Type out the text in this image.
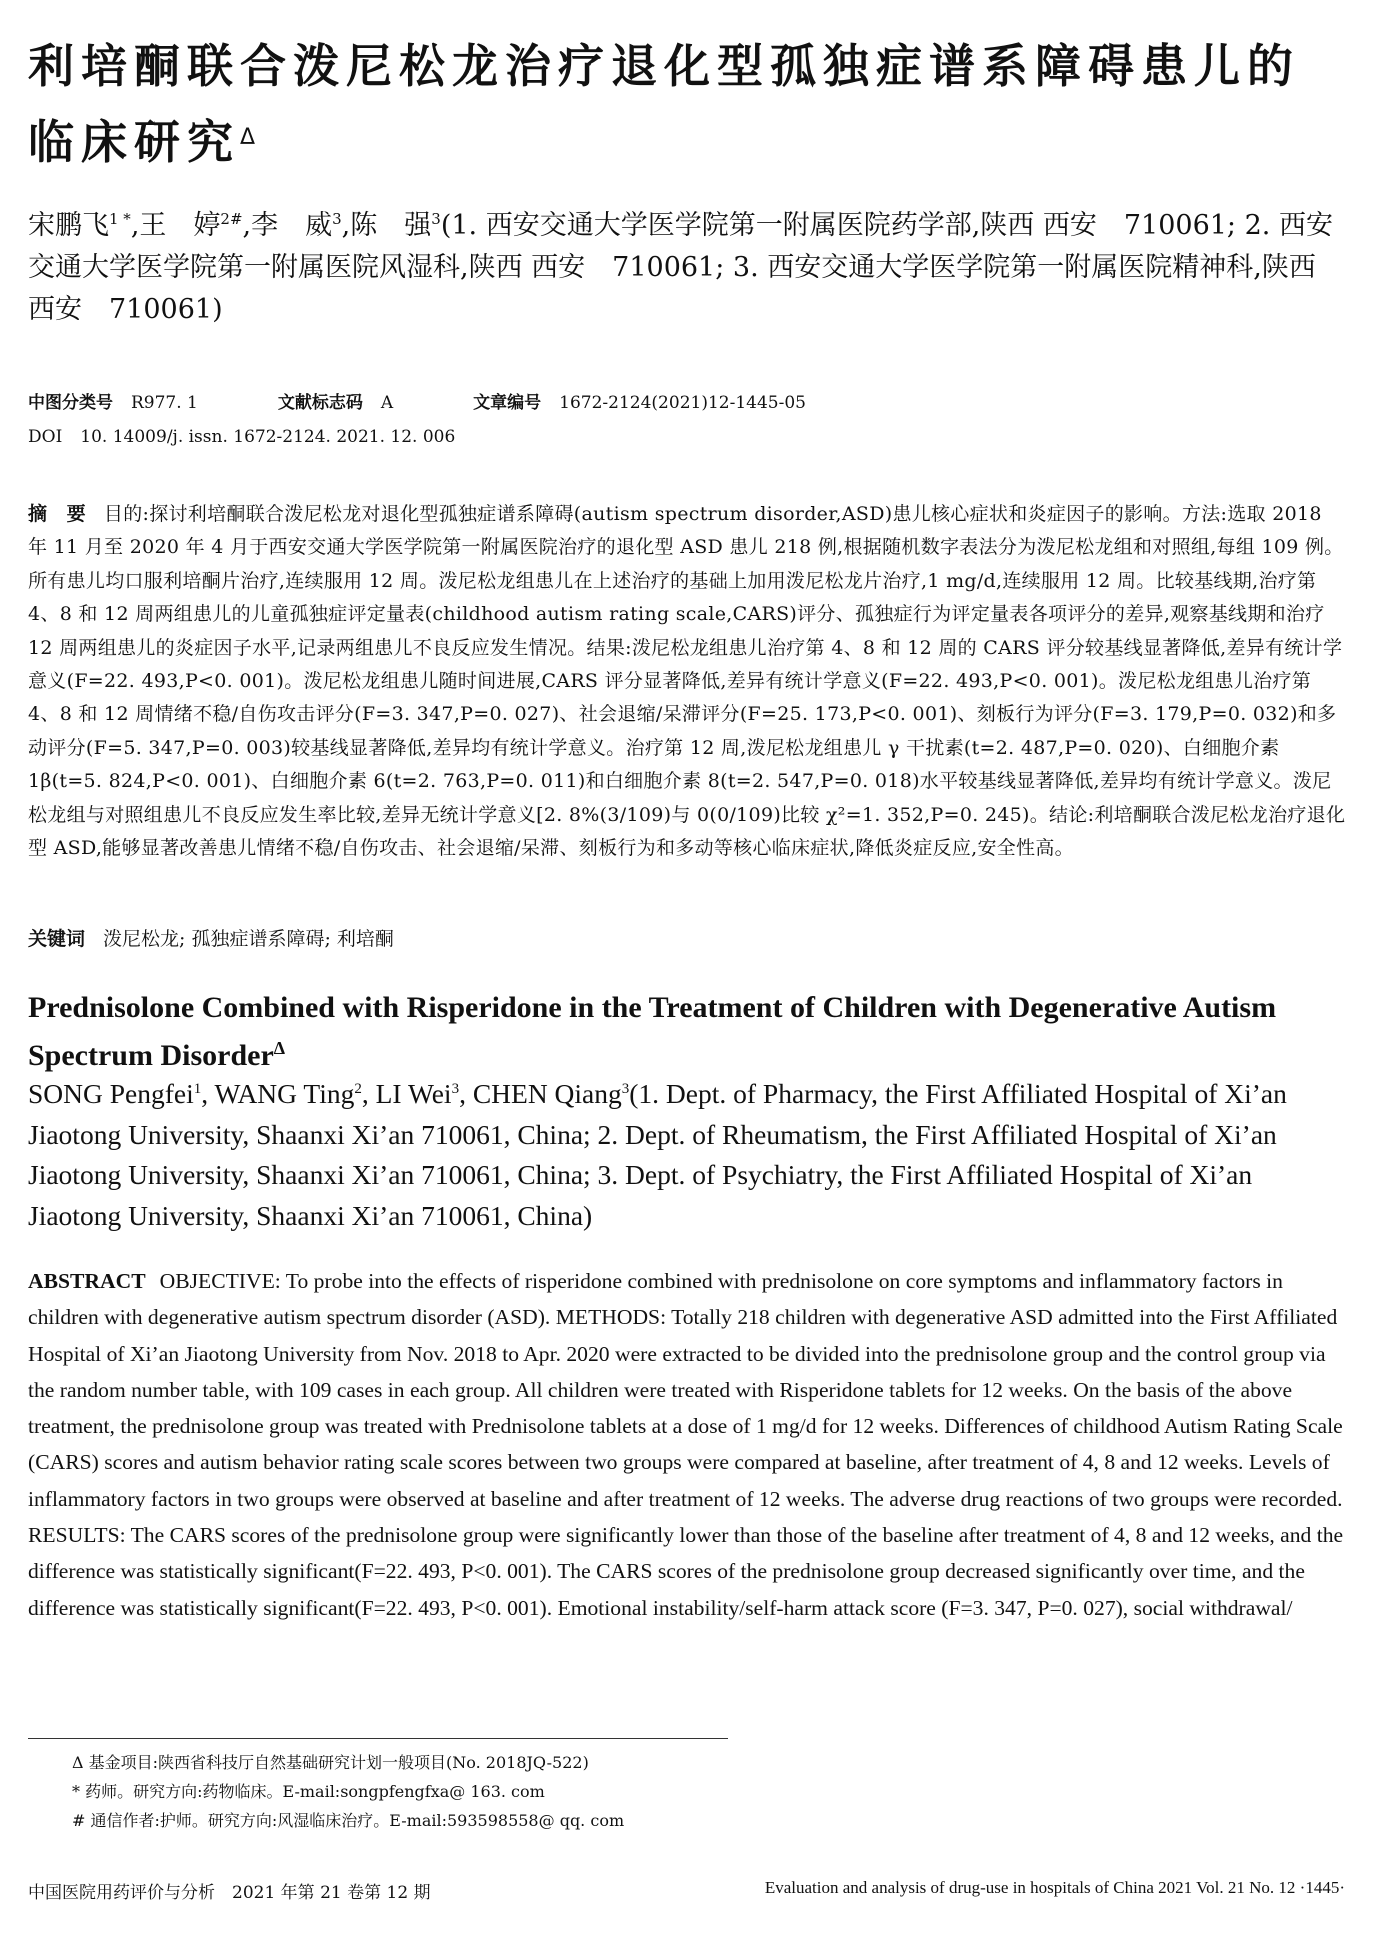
利培酮联合泼尼松龙治疗退化型孤独症谱系障碍患儿的临床研究$^\Delta$

宋鹏飞$^{1 *}$,王　婷$^{2\#}$,李　威$^3$,陈　强$^3$(1. 西安交通大学医学院第一附属医院药学部,陕西 西安　710061; 2. 西安交通大学医学院第一附属医院风湿科,陕西 西安　710061; 3. 西安交通大学医学院第一附属医院精神科,陕西 西安　710061)

中图分类号 R977. 1	文献标志码 A	文章编号 1672-2124(2021)12-1445-05
DOI 10. 14009/j. issn. 1672-2124. 2021. 12. 006

摘　要 目的:探讨利培酮联合泼尼松龙对退化型孤独症谱系障碍(autism spectrum disorder,ASD)患儿核心症状和炎症因子的影响。方法:选取 2018 年 11 月至 2020 年 4 月于西安交通大学医学院第一附属医院治疗的退化型 ASD 患儿 218 例,根据随机数字表法分为泼尼松龙组和对照组,每组 109 例。所有患儿均口服利培酮片治疗,连续服用 12 周。泼尼松龙组患儿在上述治疗的基础上加用泼尼松龙片治疗,1 mg/d,连续服用 12 周。比较基线期,治疗第 4、8 和 12 周两组患儿的儿童孤独症评定量表(childhood autism rating scale,CARS)评分、孤独症行为评定量表各项评分的差异,观察基线期和治疗 12 周两组患儿的炎症因子水平,记录两组患儿不良反应发生情况。结果:泼尼松龙组患儿治疗第 4、8 和 12 周的 CARS 评分较基线显著降低,差异有统计学意义(F=22. 493,P<0. 001)。泼尼松龙组患儿随时间进展,CARS 评分显著降低,差异有统计学意义(F=22. 493,P<0. 001)。泼尼松龙组患儿治疗第 4、8 和 12 周情绪不稳/自伤攻击评分(F=3. 347,P=0. 027)、社会退缩/呆滞评分(F=25. 173,P<0. 001)、刻板行为评分(F=3. 179,P=0. 032)和多动评分(F=5. 347,P=0. 003)较基线显著降低,差异均有统计学意义。治疗第 12 周,泼尼松龙组患儿 γ 干扰素(t=2. 487,P=0. 020)、白细胞介素 1β(t=5. 824,P<0. 001)、白细胞介素 6(t=2. 763,P=0. 011)和白细胞介素 8(t=2. 547,P=0. 018)水平较基线显著降低,差异均有统计学意义。泼尼松龙组与对照组患儿不良反应发生率比较,差异无统计学意义[2. 8%(3/109)与 0(0/109)比较 χ²=1. 352,P=0. 245)。结论:利培酮联合泼尼松龙治疗退化型 ASD,能够显著改善患儿情绪不稳/自伤攻击、社会退缩/呆滞、刻板行为和多动等核心临床症状,降低炎症反应,安全性高。

关键词 泼尼松龙; 孤独症谱系障碍; 利培酮

Prednisolone Combined with Risperidone in the Treatment of Children with Degenerative Autism Spectrum Disorder$^\Delta$

SONG Pengfei$^1$, WANG Ting$^2$, LI Wei$^3$, CHEN Qiang$^3$(1. Dept. of Pharmacy, the First Affiliated Hospital of Xi’an Jiaotong University, Shaanxi Xi’an 710061, China; 2. Dept. of Rheumatism, the First Affiliated Hospital of Xi’an Jiaotong University, Shaanxi Xi’an 710061, China; 3. Dept. of Psychiatry, the First Affiliated Hospital of Xi’an Jiaotong University, Shaanxi Xi’an 710061, China)

ABSTRACT OBJECTIVE: To probe into the effects of risperidone combined with prednisolone on core symptoms and inflammatory factors in children with degenerative autism spectrum disorder (ASD). METHODS: Totally 218 children with degenerative ASD admitted into the First Affiliated Hospital of Xi’an Jiaotong University from Nov. 2018 to Apr. 2020 were extracted to be divided into the prednisolone group and the control group via the random number table, with 109 cases in each group. All children were treated with Risperidone tablets for 12 weeks. On the basis of the above treatment, the prednisolone group was treated with Prednisolone tablets at a dose of 1 mg/d for 12 weeks. Differences of childhood Autism Rating Scale (CARS) scores and autism behavior rating scale scores between two groups were compared at baseline, after treatment of 4, 8 and 12 weeks. Levels of inflammatory factors in two groups were observed at baseline and after treatment of 12 weeks. The adverse drug reactions of two groups were recorded. RESULTS: The CARS scores of the prednisolone group were significantly lower than those of the baseline after treatment of 4, 8 and 12 weeks, and the difference was statistically significant(F=22. 493, P<0. 001). The CARS scores of the prednisolone group decreased significantly over time, and the difference was statistically significant(F=22. 493, P<0. 001). Emotional instability/self-harm attack score (F=3. 347, P=0. 027), social withdrawal/

Δ 基金项目:陕西省科技厅自然基础研究计划一般项目(No. 2018JQ-522)
* 药师。研究方向:药物临床。E-mail:songpfengfxa@ 163. com
# 通信作者:护师。研究方向:风湿临床治疗。E-mail:593598558@ qq. com
中国医院用药评价与分析　2021 年第 21 卷第 12 期	Evaluation and analysis of drug-use in hospitals of China 2021 Vol. 21 No. 12 ·1445·
